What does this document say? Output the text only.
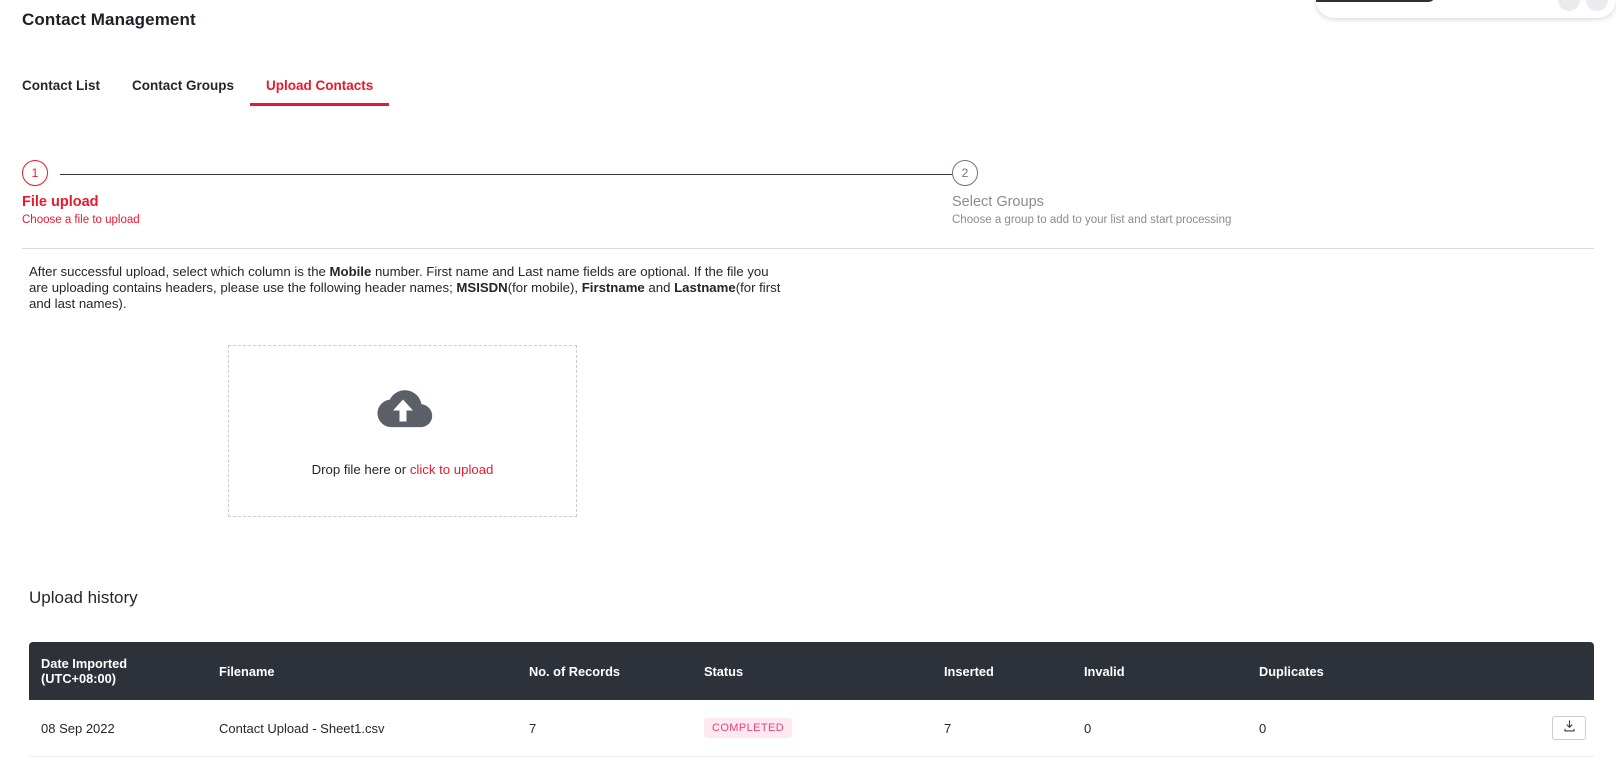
Contact Management
Contact List	Contact Groups	Upload Contacts
1
File upload
Choose a file to upload
2
Select Groups
Choose a group to add to your list and start processing
After successful upload, select which column is the Mobile number. First name and Last name fields are optional. If the file you are uploading contains headers, please use the following header names; MSISDN(for mobile), Firstname and Lastname(for first and last names).
Drop file here or click to upload
Upload history
Date Imported
(UTC+08:00)	Filename	No. of Records	Status	Inserted	Invalid	Duplicates	
08 Sep 2022	Contact Upload - Sheet1.csv	7	COMPLETED	7	0	0	
